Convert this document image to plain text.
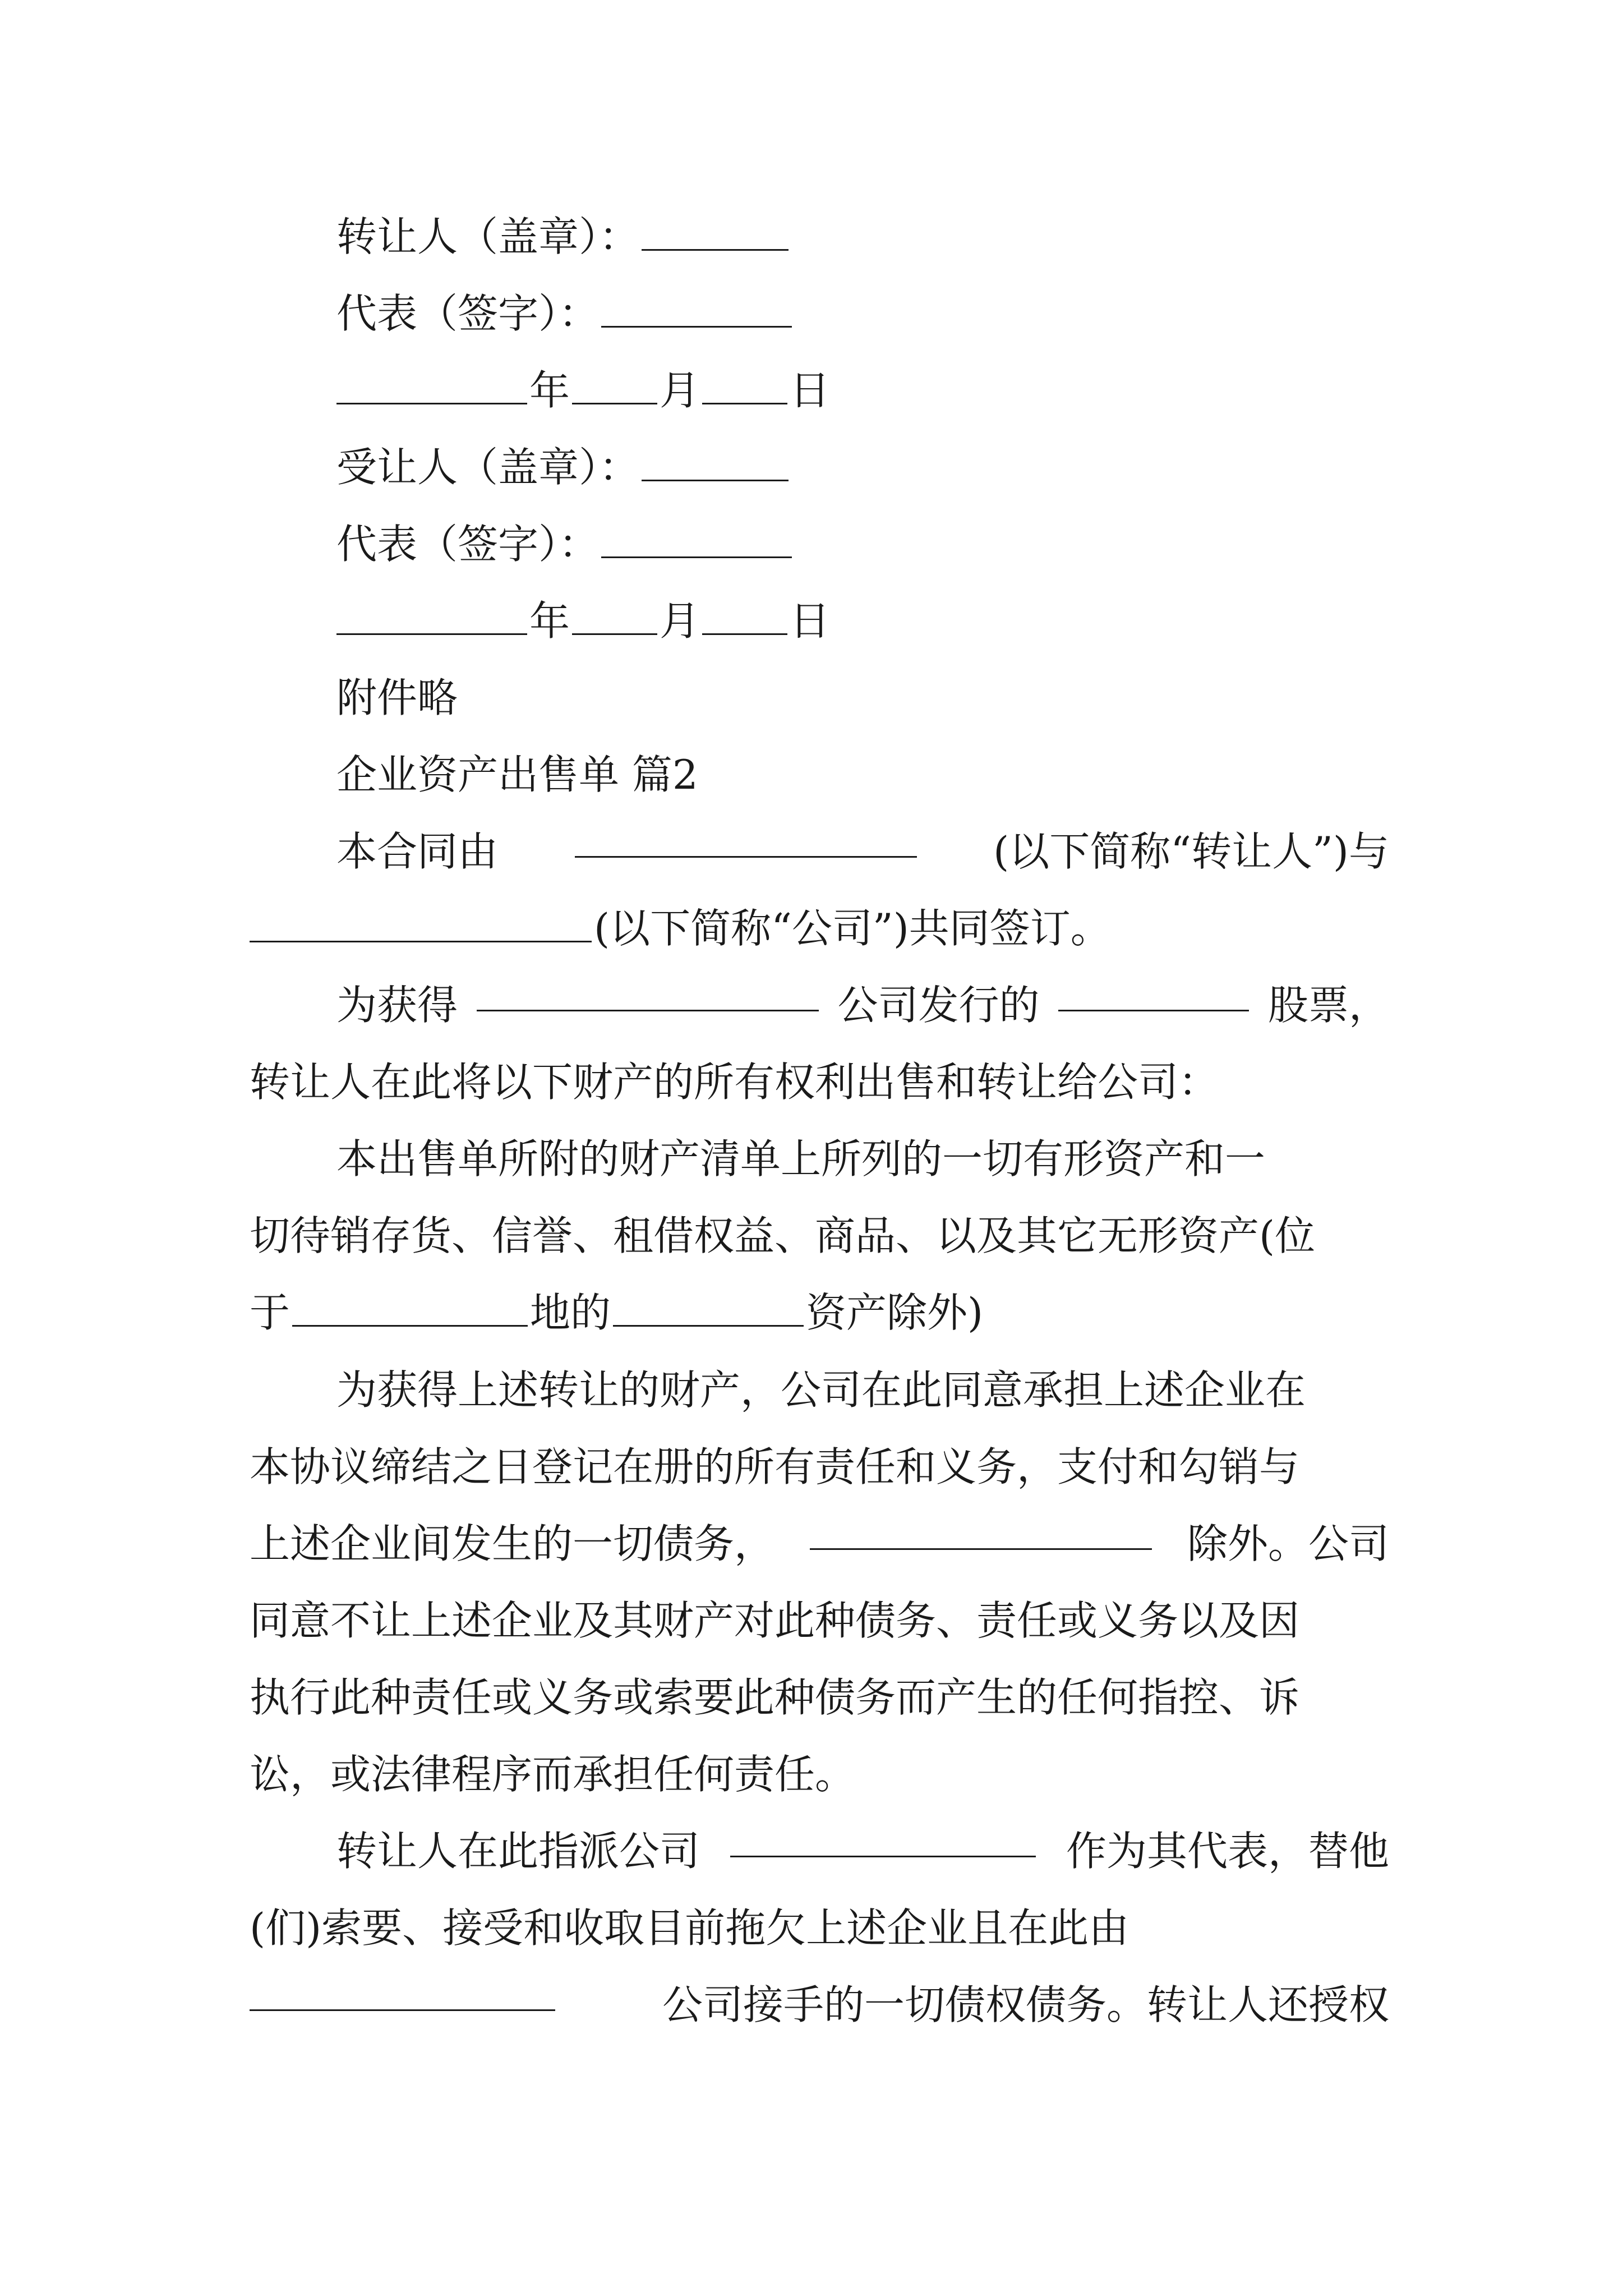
转让人（盖章）：
代表（签字）：
年 月 日
受让人（盖章）：
代表（签字）：
年 月 日
附件略
企业资产出售单 篇2
本合同由	(以下简称“转让人”)与
(以下简称“公司”)共同签订。
为获得	公司发行的	股票，
转让人在此将以下财产的所有权利出售和转让给公司：
本出售单所附的财产清单上所列的一切有形资产和一
切待销存货、信誉、租借权益、商品、以及其它无形资产(位
于	地的	资产除外)
为获得上述转让的财产，公司在此同意承担上述企业在
本协议缔结之日登记在册的所有责任和义务，支付和勾销与
上述企业间发生的一切债务，	除外。公司
同意不让上述企业及其财产对此种债务、责任或义务以及因
执行此种责任或义务或索要此种债务而产生的任何指控、诉
讼，或法律程序而承担任何责任。
转让人在此指派公司	作为其代表，替他
(们)索要、接受和收取目前拖欠上述企业且在此由
公司接手的一切债权债务。转让人还授权
